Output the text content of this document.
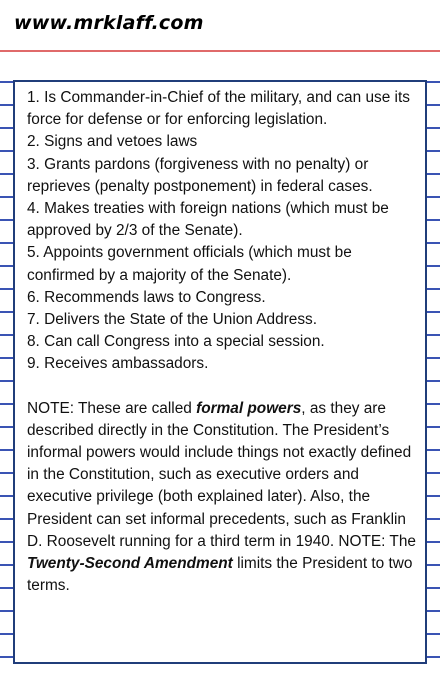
www.mrklaff.com
1. Is Commander-in-Chief of the military, and can use its force for defense or for enforcing legislation.
2. Signs and vetoes laws
3. Grants pardons (forgiveness with no penalty) or reprieves (penalty postponement) in federal cases.
4. Makes treaties with foreign nations (which must be approved by 2/3 of the Senate).
5. Appoints government officials (which must be confirmed by a majority of the Senate).
6. Recommends laws to Congress.
7. Delivers the State of the Union Address.
8. Can call Congress into a special session.
9. Receives ambassadors.

NOTE: These are called formal powers, as they are described directly in the Constitution. The President’s informal powers would include things not exactly defined in the Constitution, such as executive orders and executive privilege (both explained later). Also, the President can set informal precedents, such as Franklin D. Roosevelt running for a third term in 1940. NOTE: The Twenty-Second Amendment limits the President to two terms.
